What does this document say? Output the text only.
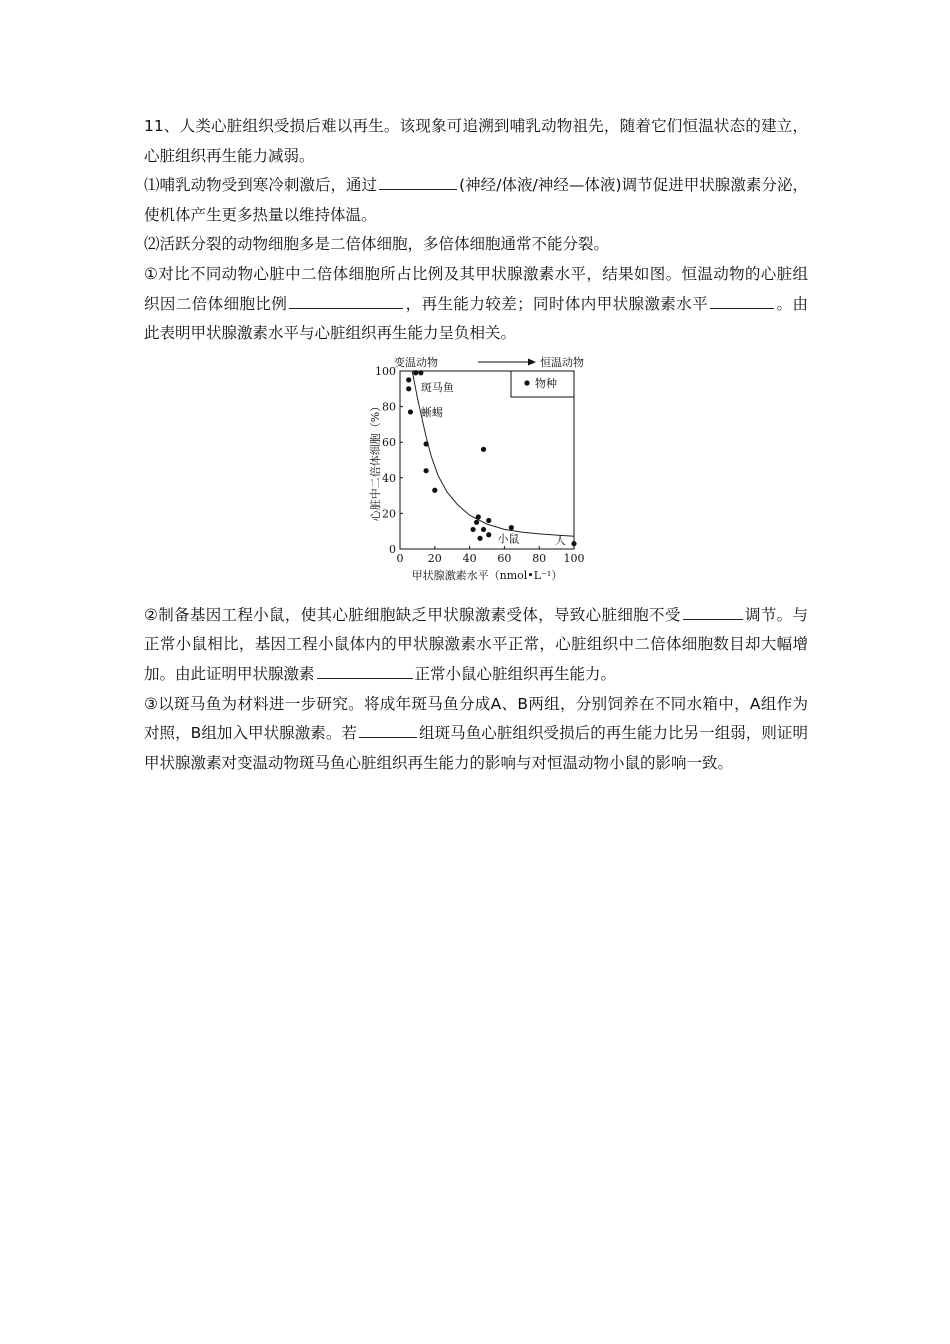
11、人类心脏组织受损后难以再生。该现象可追溯到哺乳动物祖先，随着它们恒温状态的建立，心脏组织再生能力减弱。

⑴哺乳动物受到寒冷刺激后，通过	(神经/体液/神经—体液)调节促进甲状腺激素分泌，使机体产生更多热量以维持体温。

⑵活跃分裂的动物细胞多是二倍体细胞，多倍体细胞通常不能分裂。

①对比不同动物心脏中二倍体细胞所占比例及其甲状腺激素水平，结果如图。恒温动物的心脏组织因二倍体细胞比例	，再生能力较差；同时体内甲状腺激素水平	。由此表明甲状腺激素水平与心脏组织再生能力呈负相关。

变温动物	恒温动物
物种
0
20
40
60
80
100
0 20 40 60 80 100
斑马鱼
蜥蜴
小鼠	人
心脏中二倍体细胞（%）
甲状腺激素水平（nmol•L⁻¹）

②制备基因工程小鼠，使其心脏细胞缺乏甲状腺激素受体，导致心脏细胞不受	调节。与正常小鼠相比，基因工程小鼠体内的甲状腺激素水平正常，心脏组织中二倍体细胞数目却大幅增加。由此证明甲状腺激素	正常小鼠心脏组织再生能力。

③以斑马鱼为材料进一步研究。将成年斑马鱼分成A、B两组，分别饲养在不同水箱中，A组作为对照，B组加入甲状腺激素。若	组斑马鱼心脏组织受损后的再生能力比另一组弱，则证明甲状腺激素对变温动物斑马鱼心脏组织再生能力的影响与对恒温动物小鼠的影响一致。
